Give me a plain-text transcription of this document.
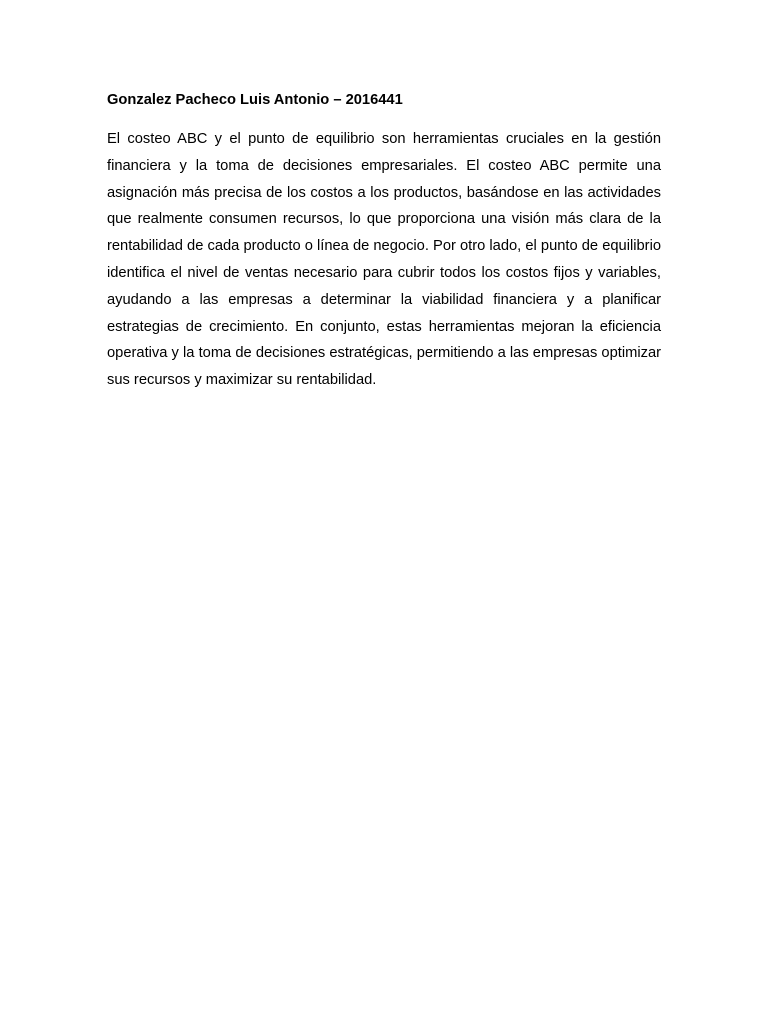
Gonzalez Pacheco Luis Antonio – 2016441

El costeo ABC y el punto de equilibrio son herramientas cruciales en la gestión financiera y la toma de decisiones empresariales. El costeo ABC permite una asignación más precisa de los costos a los productos, basándose en las actividades que realmente consumen recursos, lo que proporciona una visión más clara de la rentabilidad de cada producto o línea de negocio. Por otro lado, el punto de equilibrio identifica el nivel de ventas necesario para cubrir todos los costos fijos y variables, ayudando a las empresas a determinar la viabilidad financiera y a planificar estrategias de crecimiento. En conjunto, estas herramientas mejoran la eficiencia operativa y la toma de decisiones estratégicas, permitiendo a las empresas optimizar sus recursos y maximizar su rentabilidad.
